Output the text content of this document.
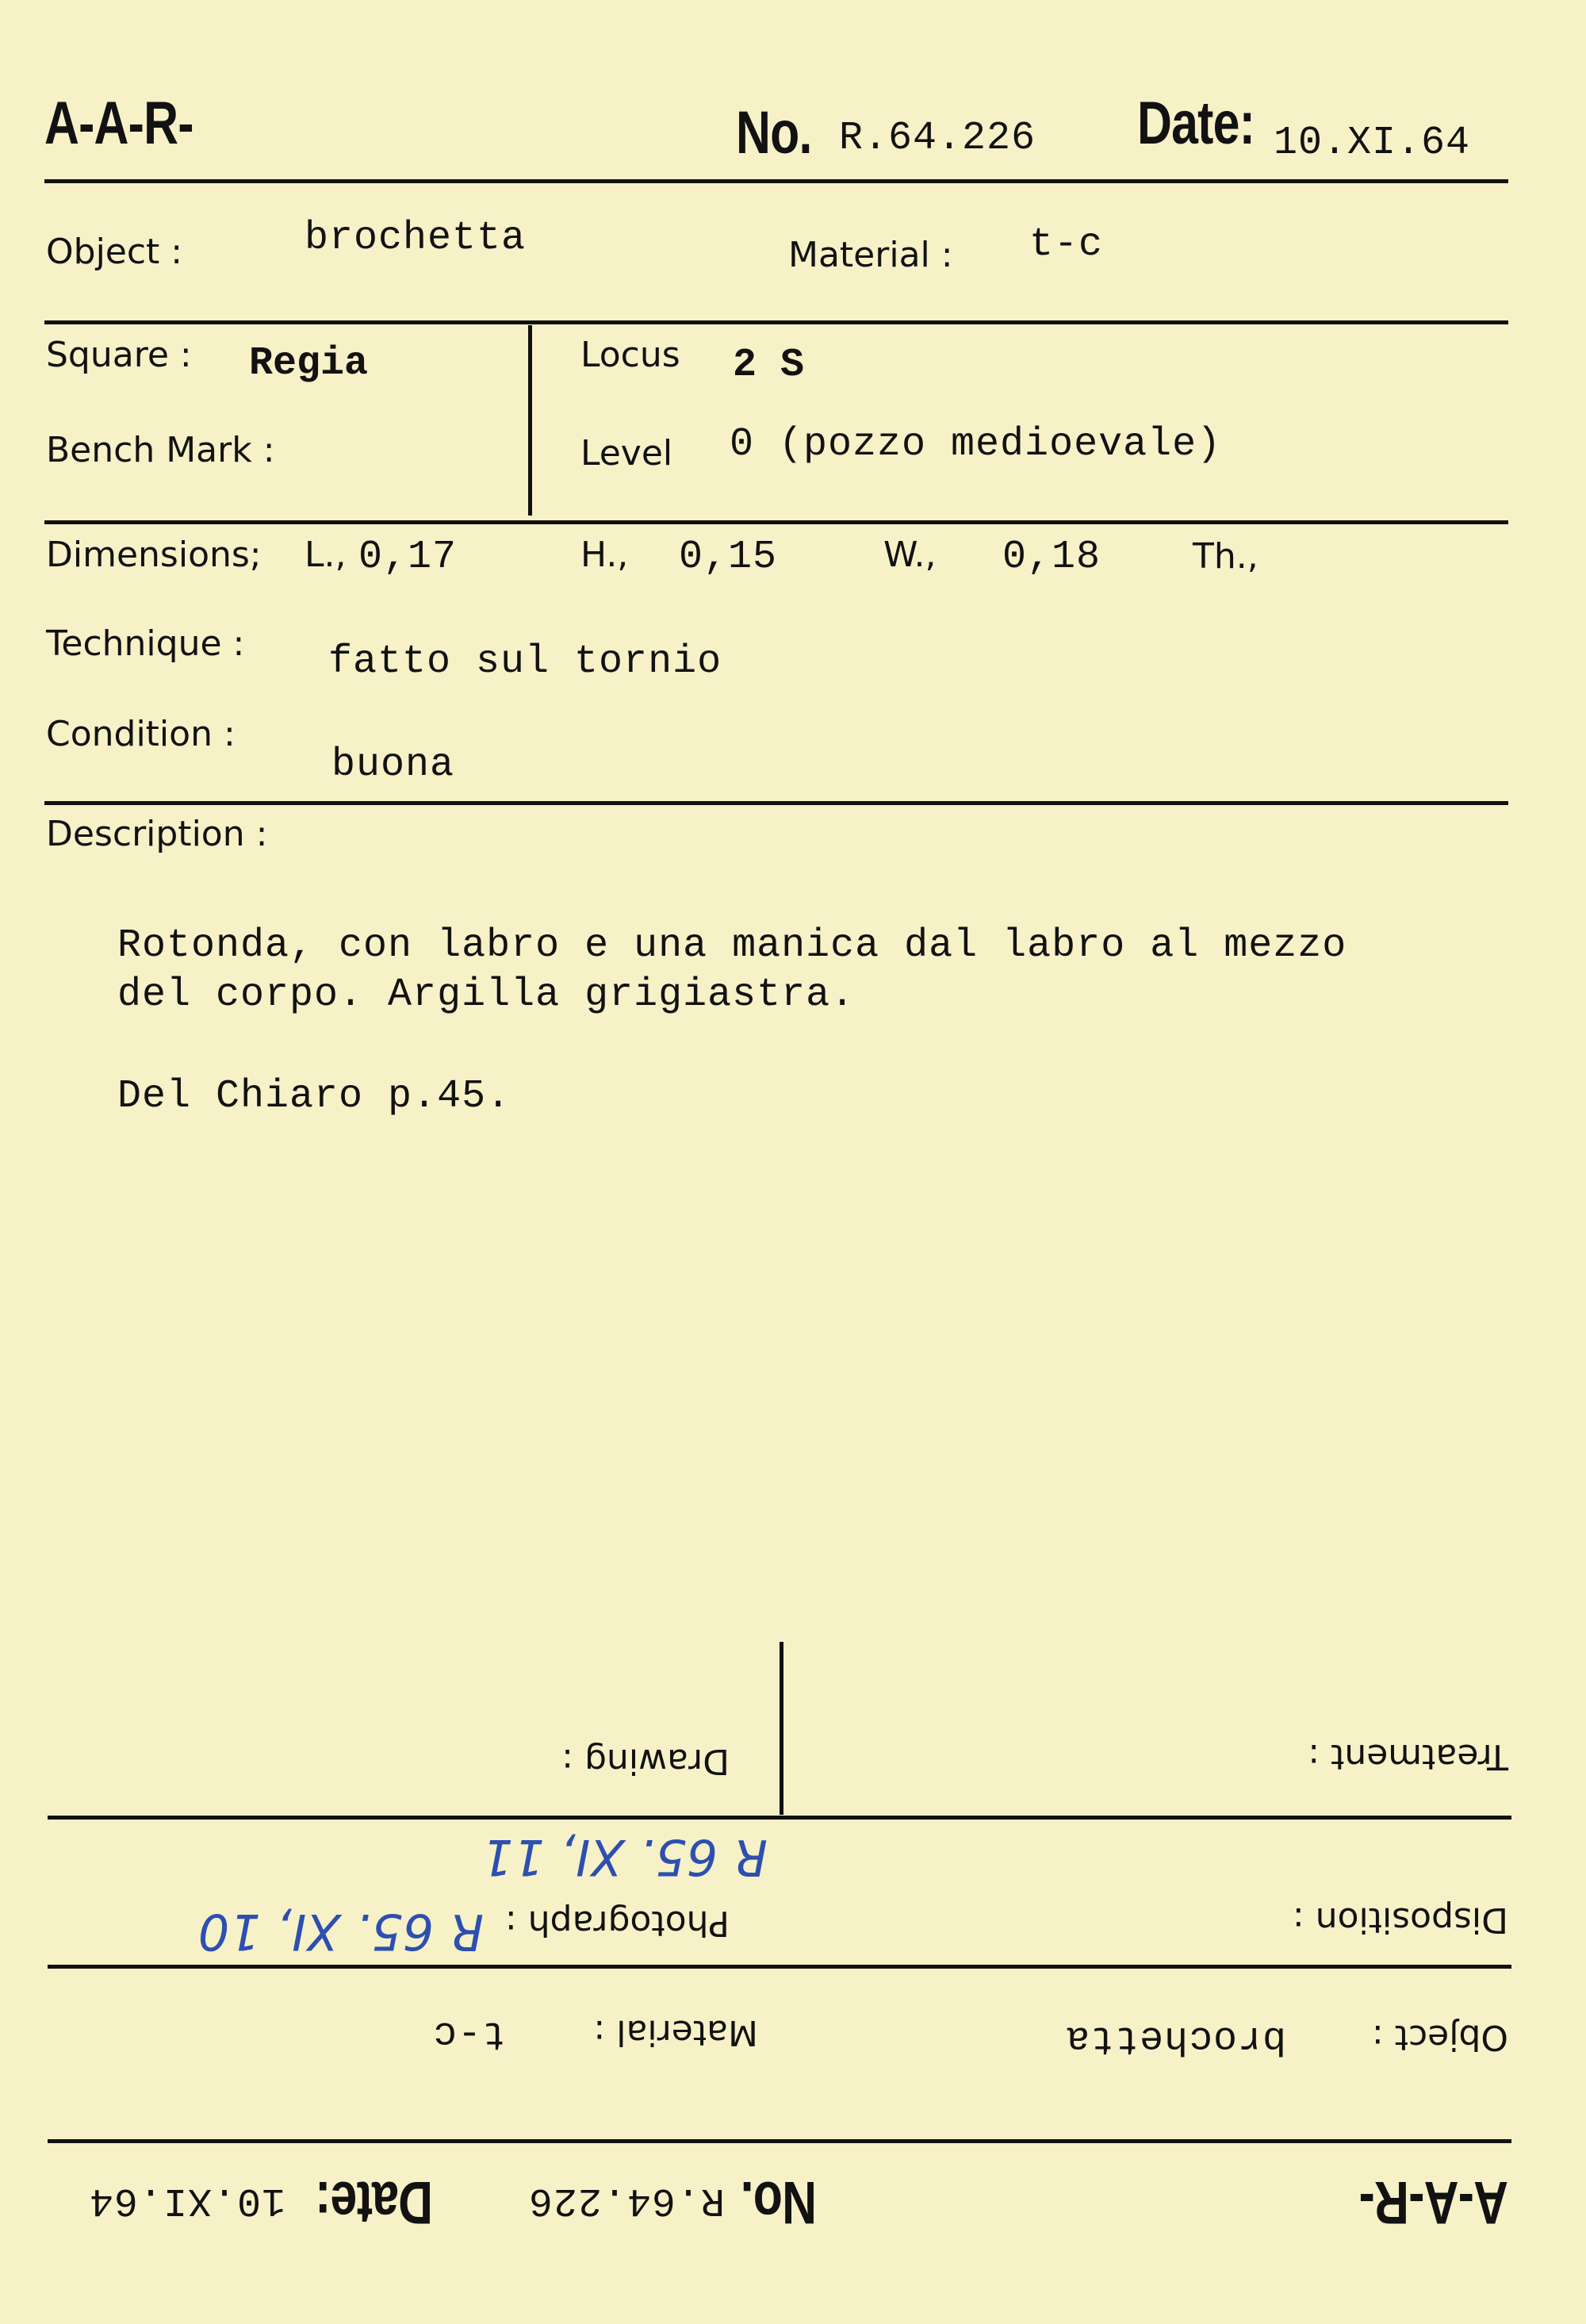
A-A-R-	No. R.64.226 Date: 10.XI.64
Object :	brochetta	Material : t-c
Square : Regia	Locus 2 S
Bench Mark :	Level 0 (pozzo medioevale)
Dimensions; L., 0,17	H., 0,15	W., 0,18	Th.,
Technique : fatto sul tornio
Condition :
buona
Description :
Rotonda, con labro e una manica dal labro al mezzo
del corpo. Argilla grigiastra.
Del Chiaro p.45.
Treatment :
Drawing :
Disposition :
Photograph :
R 65. XI, 10
R 65. XI, 11
Object :
brochetta
Material :
t-c
A-A-R-
No.
R.64.226
Date:
10.XI.64
